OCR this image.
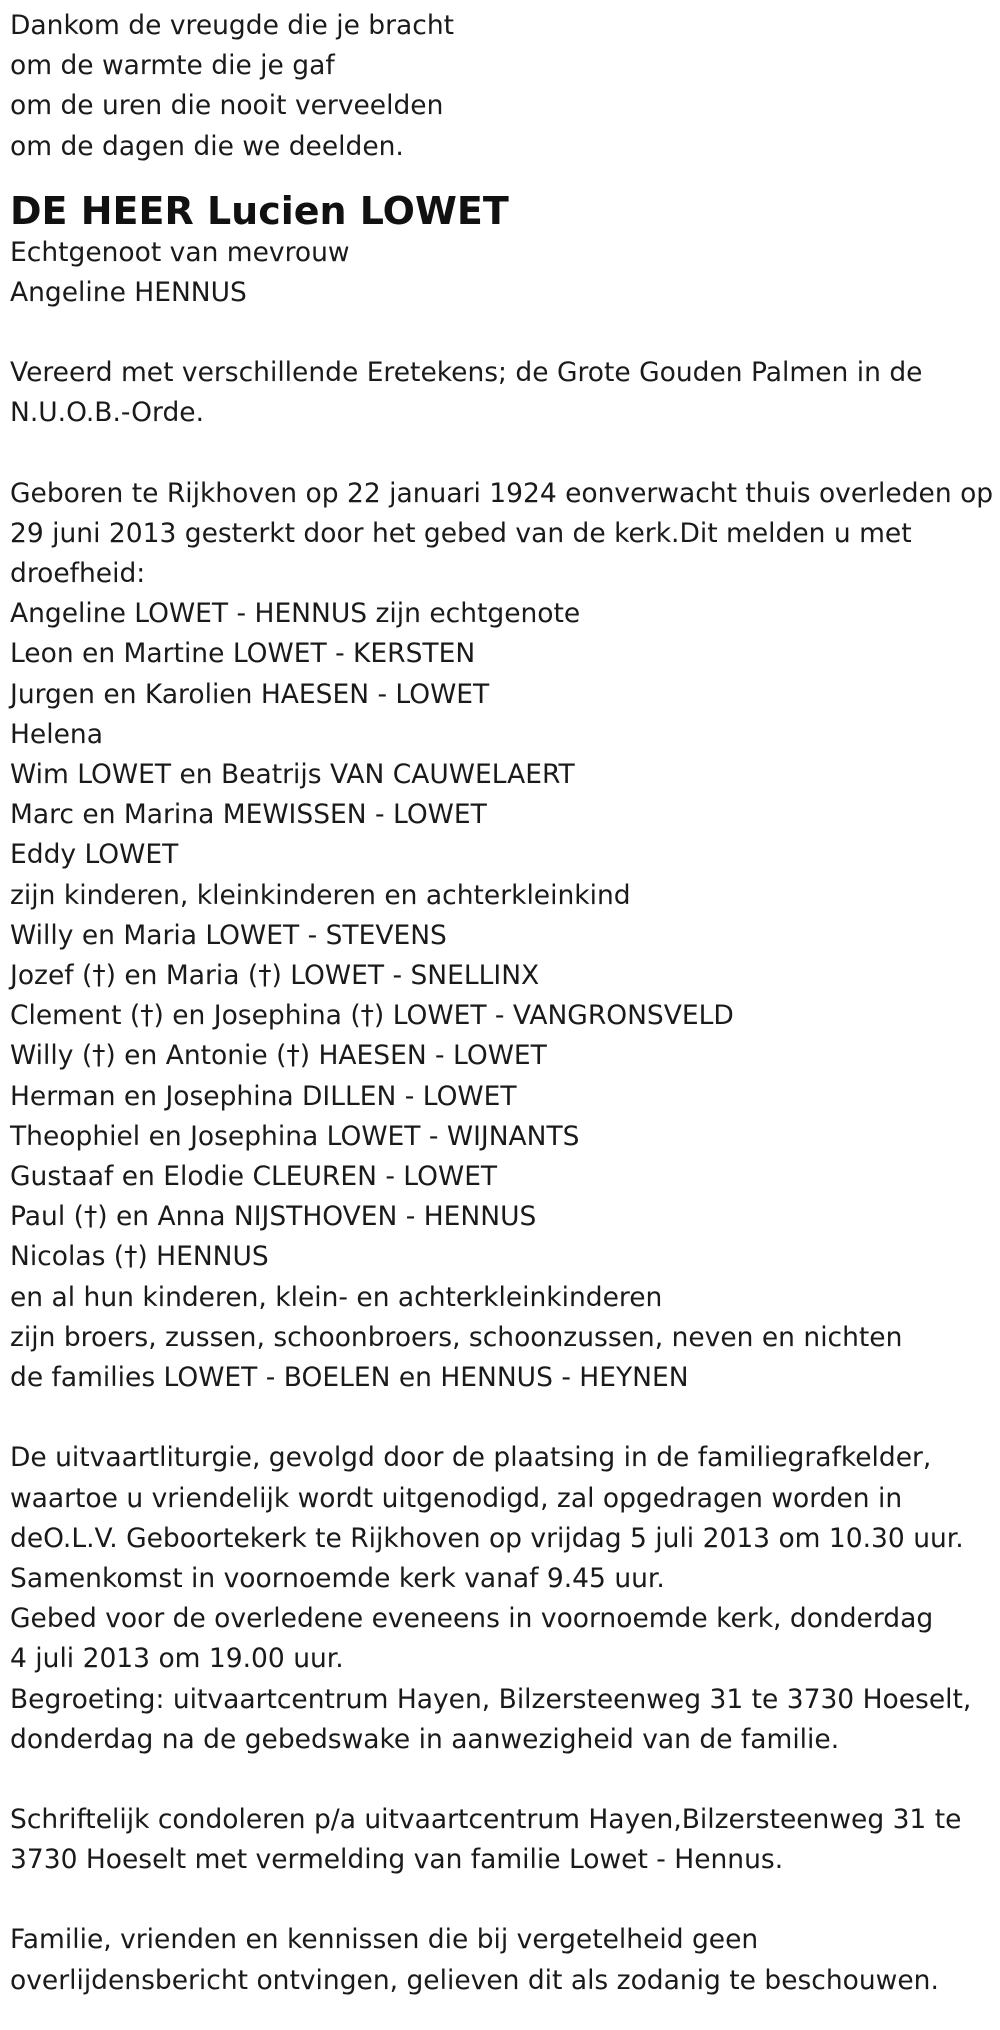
Dankom de vreugde die je bracht
om de warmte die je gaf
om de uren die nooit verveelden
om de dagen die we deelden.
DE HEER Lucien LOWET
Echtgenoot van mevrouw
Angeline HENNUS
Vereerd met verschillende Eretekens; de Grote Gouden Palmen in de
N.U.O.B.-Orde.
Geboren te Rijkhoven op 22 januari 1924 eonverwacht thuis overleden op
29 juni 2013 gesterkt door het gebed van de kerk.Dit melden u met
droefheid:
Angeline LOWET - HENNUS zijn echtgenote
Leon en Martine LOWET - KERSTEN
Jurgen en Karolien HAESEN - LOWET
Helena
Wim LOWET en Beatrijs VAN CAUWELAERT
Marc en Marina MEWISSEN - LOWET
Eddy LOWET
zijn kinderen, kleinkinderen en achterkleinkind
Willy en Maria LOWET - STEVENS
Jozef (†) en Maria (†) LOWET - SNELLINX
Clement (†) en Josephina (†) LOWET - VANGRONSVELD
Willy (†) en Antonie (†) HAESEN - LOWET
Herman en Josephina DILLEN - LOWET
Theophiel en Josephina LOWET - WIJNANTS
Gustaaf en Elodie CLEUREN - LOWET
Paul (†) en Anna NIJSTHOVEN - HENNUS
Nicolas (†) HENNUS
en al hun kinderen, klein- en achterkleinkinderen
zijn broers, zussen, schoonbroers, schoonzussen, neven en nichten
de families LOWET - BOELEN en HENNUS - HEYNEN
De uitvaartliturgie, gevolgd door de plaatsing in de familiegrafkelder,
waartoe u vriendelijk wordt uitgenodigd, zal opgedragen worden in
deO.L.V. Geboortekerk te Rijkhoven op vrijdag 5 juli 2013 om 10.30 uur.
Samenkomst in voornoemde kerk vanaf 9.45 uur.
Gebed voor de overledene eveneens in voornoemde kerk, donderdag
4 juli 2013 om 19.00 uur.
Begroeting: uitvaartcentrum Hayen, Bilzersteenweg 31 te 3730 Hoeselt,
donderdag na de gebedswake in aanwezigheid van de familie.
Schriftelijk condoleren p/a uitvaartcentrum Hayen,Bilzersteenweg 31 te
3730 Hoeselt met vermelding van familie Lowet - Hennus.
Familie, vrienden en kennissen die bij vergetelheid geen
overlijdensbericht ontvingen, gelieven dit als zodanig te beschouwen.
